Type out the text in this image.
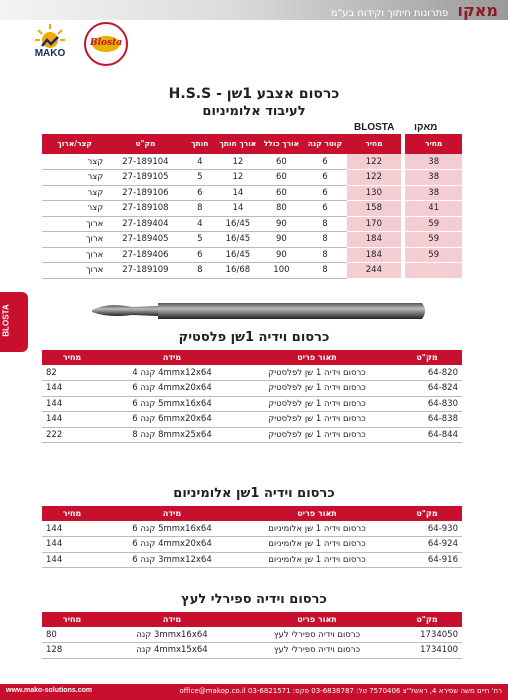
מאקו פתרונות חיתוך וקידוח בע"מ
MAKO
Blosta
BLOSTA
כרסום אצבע 1שן - H.S.S
לעיבוד אלומיניום
מאקו
BLOSTA
מחיר		מחיר	קוטר קנה	אורך כולל	אורך חותך	חותך	מק"ט	קצר/ארוך
38		122	6	60	12	4	27-189104	קצר
38		122	6	60	12	5	27-189105	קצר
38		130	6	60	14	6	27-189106	קצר
41		158	6	80	14	8	27-189108	קצר
59		170	8	90	16/45	4	27-189404	ארוך
59		184	8	90	16/45	5	27-189405	ארוך
59		184	8	90	16/45	6	27-189406	ארוך
		244	8	100	16/68	8	27-189109	ארוך
כרסום וידיה 1שן פלסטיק
מק"ט	תאור פריט	מידה	מחיר
64-820	כרסום וידיה 1 שן לפלסטיק	4mmx12x64 קנה 4	82
64-824	כרסום וידיה 1 שן לפלסטיק	4mmx20x64 קנה 6	144
64-830	כרסום וידיה 1 שן לפלסטיק	5mmx16x64 קנה 6	144
64-838	כרסום וידיה 1 שן לפלסטיק	6mmx20x64 קנה 6	144
64-844	כרסום וידיה 1 שן לפלסטיק	8mmx25x64 קנה 8	222
כרסום וידיה 1שן אלומיניום
מק"ט	תאור פריט	מידה	מחיר
64-930	כרסום וידיה 1 שן אלומיניום	5mmx16x64 קנה 6	144
64-924	כרסום וידיה 1 שן אלומיניום	4mmx20x64 קנה 6	144
64-916	כרסום וידיה 1 שן אלומיניום	3mmx12x64 קנה 6	144
כרסום וידיה ספירלי לעץ
מק"ט	תאור פריט	מידה	מחיר
1734050	כרסום וידיה ספירלי לעץ	3mmx16x64 קנה	80
1734100	כרסום וידיה ספירלי לעץ	4mmx15x64 קנה	128
www.mako-solutions.com	רח' חיים משה שפירא 4, ראשל"צ 7570406 טל: 03-6838787 פקס: 03-6821571 office@makop.co.il
